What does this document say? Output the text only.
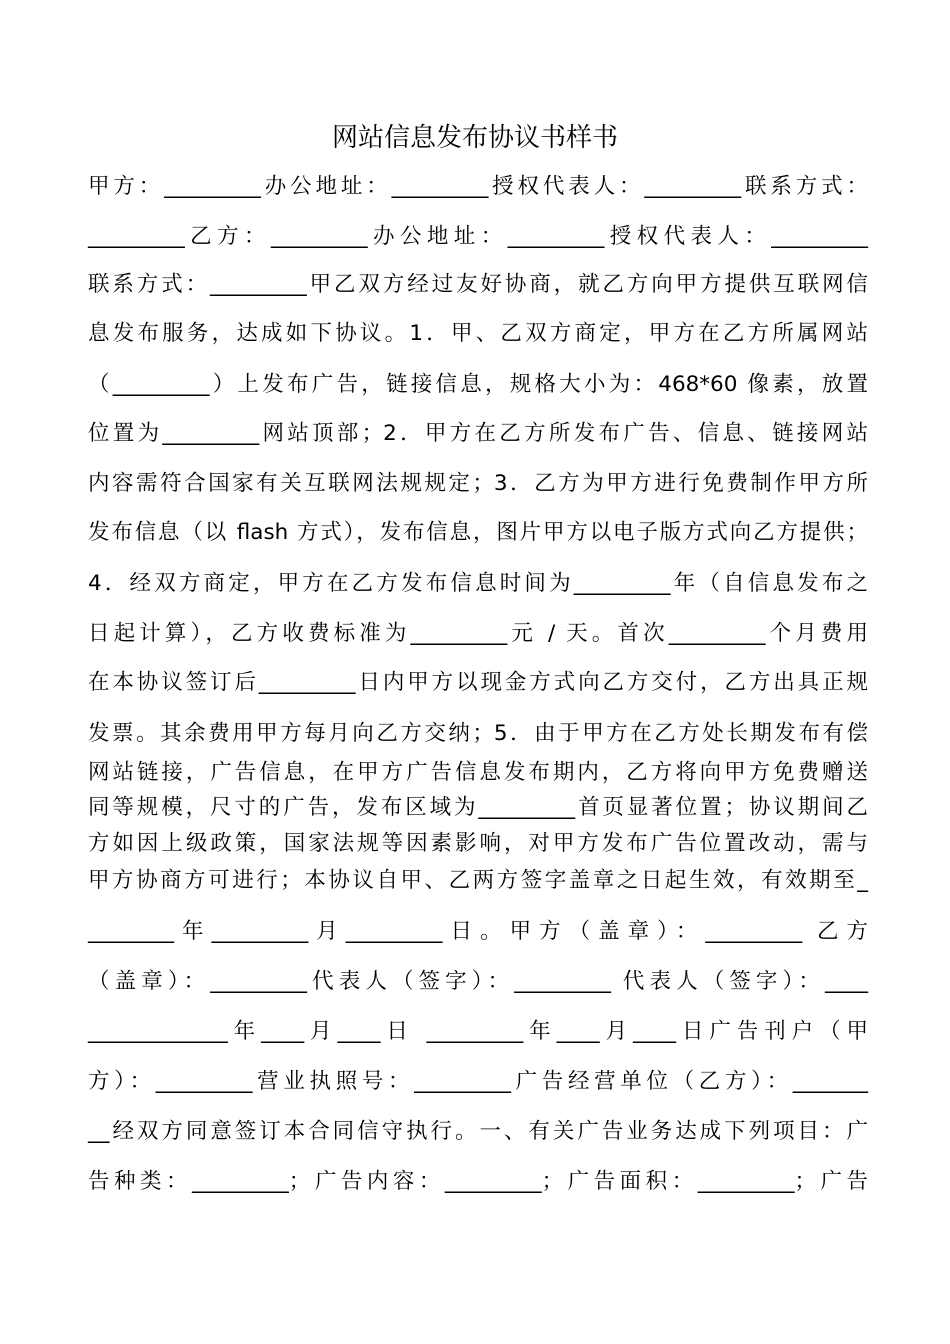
网站信息发布协议书样书
甲方：_________办公地址：_________授权代表人：_________联系方式：
_________乙方：_________办公地址：_________授权代表人：_________
联系方式：_________甲乙双方经过友好协商，就乙方向甲方提供互联网信
息发布服务，达成如下协议。1．甲、乙双方商定，甲方在乙方所属网站
（_________）上发布广告，链接信息，规格大小为：468*60 像素，放置
位置为_________网站顶部；2．甲方在乙方所发布广告、信息、链接网站
内容需符合国家有关互联网法规规定；3．乙方为甲方进行免费制作甲方所
发布信息（以 flash 方式），发布信息，图片甲方以电子版方式向乙方提供；
4．经双方商定，甲方在乙方发布信息时间为_________年（自信息发布之
日起计算），乙方收费标准为_________元 / 天。首次_________个月费用
在本协议签订后_________日内甲方以现金方式向乙方交付，乙方出具正规
发票。其余费用甲方每月向乙方交纳；5．由于甲方在乙方处长期发布有偿
网站链接，广告信息，在甲方广告信息发布期内，乙方将向甲方免费赠送
同等规模，尺寸的广告，发布区域为_________首页显著位置；协议期间乙
方如因上级政策，国家法规等因素影响，对甲方发布广告位置改动，需与
甲方协商方可进行；本协议自甲、乙两方签字盖章之日起生效，有效期至_
________年_________月_________日。甲方（盖章）：_________ 乙方
（盖章）：_________代表人（签字）：_________ 代表人（签字）：____
_____________年____月____日 _________年____月____日广告刊户（甲
方）：_________营业执照号：_________广告经营单位（乙方）：_______
__经双方同意签订本合同信守执行。一、有关广告业务达成下列项目：广
告种类：_________；广告内容：_________；广告面积：_________；广告
